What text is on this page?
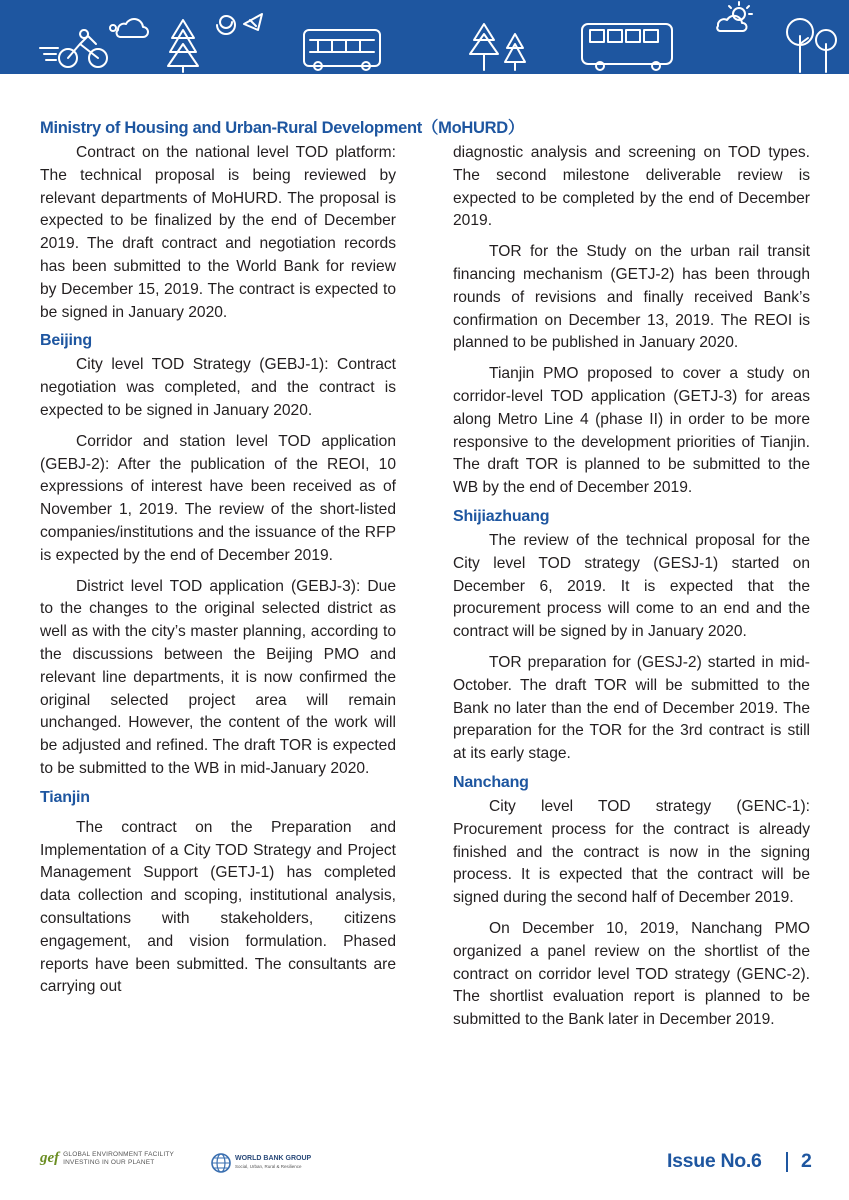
Ministry of Housing and Urban-Rural Development（MoHURD）

Contract on the national level TOD platform: The technical proposal is being reviewed by relevant departments of MoHURD. The proposal is expected to be finalized by the end of December 2019. The draft contract and negotiation records has been submitted to the World Bank for review by December 15, 2019. The contract is expected to be signed in January 2020.

Beijing

City level TOD Strategy (GEBJ-1): Contract negotiation was completed, and the contract is expected to be signed in January 2020.

Corridor and station level TOD application (GEBJ-2): After the publication of the REOI, 10 expressions of interest have been received as of November 1, 2019. The review of the short-listed companies/institutions and the issuance of the RFP is expected by the end of December 2019.

District level TOD application (GEBJ-3): Due to the changes to the original selected district as well as with the city’s master planning, according to the discussions between the Beijing PMO and relevant line departments, it is now confirmed the original selected project area will remain unchanged. However, the content of the work will be adjusted and refined. The draft TOR is expected to be submitted to the WB in mid-January 2020.

Tianjin

The contract on the Preparation and Implementation of a City TOD Strategy and Project Management Support (GETJ-1) has completed data collection and scoping, institutional analysis, consultations with stakeholders, citizens engagement, and vision formulation. Phased reports have been submitted. The consultants are carrying out

diagnostic analysis and screening on TOD types. The second milestone deliverable review is expected to be completed by the end of December 2019.

TOR for the Study on the urban rail transit financing mechanism (GETJ-2) has been through rounds of revisions and finally received Bank’s confirmation on December 13, 2019. The REOI is planned to be published in January 2020.

Tianjin PMO proposed to cover a study on corridor-level TOD application (GETJ-3) for areas along Metro Line 4 (phase II) in order to be more responsive to the development priorities of Tianjin. The draft TOR is planned to be submitted to the WB by the end of December 2019.

Shijiazhuang

The review of the technical proposal for the City level TOD strategy (GESJ-1) started on December 6, 2019. It is expected that the procurement process will come to an end and the contract will be signed by in January 2020.

TOR preparation for (GESJ-2) started in mid-October. The draft TOR will be submitted to the Bank no later than the end of December 2019. The preparation for the TOR for the 3rd contract is still at its early stage.

Nanchang

City level TOD strategy (GENC-1): Procurement process for the contract is already finished and the contract is now in the signing process. It is expected that the contract will be signed during the second half of December 2019.

On December 10, 2019, Nanchang PMO organized a panel review on the shortlist of the contract on corridor level TOD strategy (GENC-2). The shortlist evaluation report is planned to be submitted to the Bank later in December 2019.

gef GLOBAL ENVIRONMENT FACILITY
INVESTING IN OUR PLANET	WORLD BANK GROUP
Social, Urban, Rural & Resilience	Issue No.6 2
